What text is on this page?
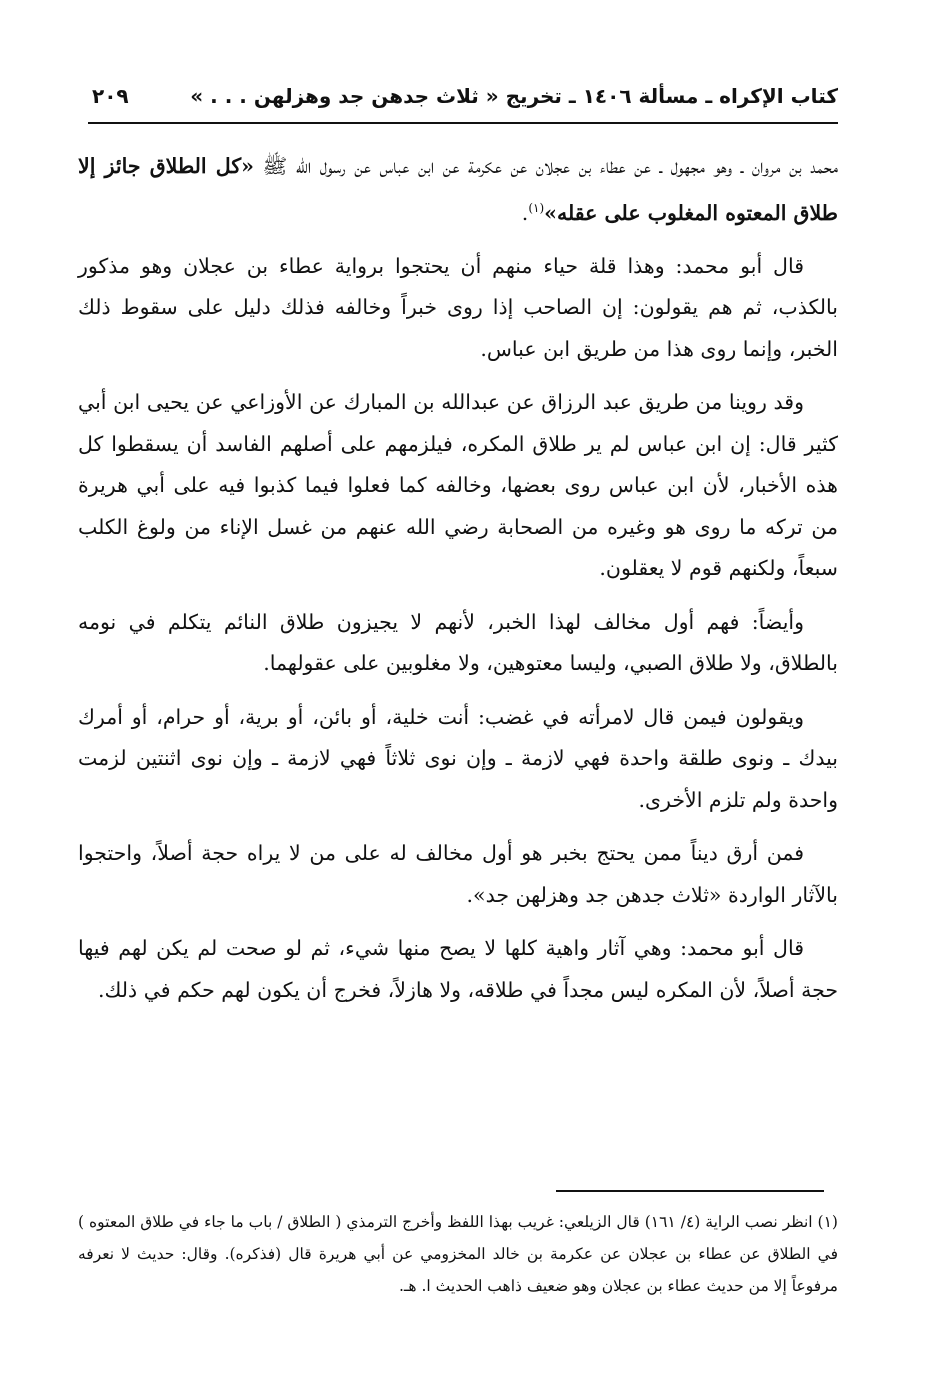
كتاب الإكراه ـ مسألة ١٤٠٦ ـ تخريج « ثلاث جدهن جد وهزلهن . . . »
٢٠٩

محمد بن مروان ـ وهو مجهول ـ عن عطاء بن عجلان عن عكرمة عن ابن عباس عن رسول الله ﷺ «كل الطلاق جائز إلا طلاق المعتوه المغلوب على عقله»$^{(١)}$.

قال أبو محمد: وهذا قلة حياء منهم أن يحتجوا برواية عطاء بن عجلان وهو مذكور بالكذب، ثم هم يقولون: إن الصاحب إذا روى خبراً وخالفه فذلك دليل على سقوط ذلك الخبر، وإنما روى هذا من طريق ابن عباس.

وقد روينا من طريق عبد الرزاق عن عبدالله بن المبارك عن الأوزاعي عن يحيى ابن أبي كثير قال: إن ابن عباس لم ير طلاق المكره، فيلزمهم على أصلهم الفاسد أن يسقطوا كل هذه الأخبار، لأن ابن عباس روى بعضها، وخالفه كما فعلوا فيما كذبوا فيه على أبي هريرة من تركه ما روى هو وغيره من الصحابة رضي الله عنهم من غسل الإناء من ولوغ الكلب سبعاً، ولكنهم قوم لا يعقلون.

وأيضاً: فهم أول مخالف لهذا الخبر، لأنهم لا يجيزون طلاق النائم يتكلم في نومه بالطلاق، ولا طلاق الصبي، وليسا معتوهين، ولا مغلوبين على عقولهما.

ويقولون فيمن قال لامرأته في غضب: أنت خلية، أو بائن، أو برية، أو حرام، أو أمرك بيدك ـ ونوى طلقة واحدة فهي لازمة ـ وإن نوى ثلاثاً فهي لازمة ـ وإن نوى اثنتين لزمت واحدة ولم تلزم الأخرى.

فمن أرق ديناً ممن يحتج بخبر هو أول مخالف له على من لا يراه حجة أصلاً، واحتجوا بالآثار الواردة «ثلاث جدهن جد وهزلهن جد».

قال أبو محمد: وهي آثار واهية كلها لا يصح منها شيء، ثم لو صحت لم يكن لهم فيها حجة أصلاً، لأن المكره ليس مجداً في طلاقه، ولا هازلاً، فخرج أن يكون لهم حكم في ذلك.

(١) انظر نصب الراية (٤/ ١٦١) قال الزيلعي: غريب بهذا اللفظ وأخرج الترمذي ( الطلاق / باب ما جاء في طلاق المعتوه ) في الطلاق عن عطاء بن عجلان عن عكرمة بن خالد المخزومي عن أبي هريرة قال (فذكره). وقال: حديث لا نعرفه مرفوعاً إلا من حديث عطاء بن عجلان وهو ضعيف ذاهب الحديث ا. هـ.
